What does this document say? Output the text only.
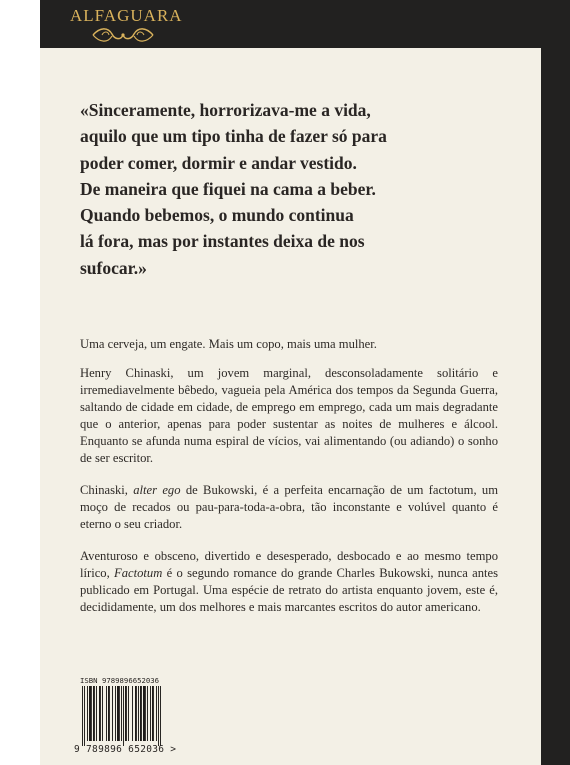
ALFAGUARA

«Sinceramente, horrorizava-me a vida,

aquilo que um tipo tinha de fazer só para

poder comer, dormir e andar vestido.

De maneira que fiquei na cama a beber.

Quando bebemos, o mundo continua

lá fora, mas por instantes deixa de nos

sufocar.»

Uma cerveja, um engate. Mais um copo, mais uma mulher.

Henry Chinaski, um jovem marginal, desconsoladamente solitário e irremediavelmente bêbedo, vagueia pela América dos tempos da Segunda Guerra, saltando de cidade em cidade, de emprego em emprego, cada um mais degradante que o anterior, apenas para poder sustentar as noites de mulheres e álcool. Enquanto se afunda numa espiral de vícios, vai alimentando (ou adiando) o sonho de ser escritor.

Chinaski, alter ego de Bukowski, é a perfeita encarnação de um factotum, um moço de recados ou pau-para-toda-a-obra, tão inconstante e volúvel quanto é eterno o seu criador.

Aventuroso e obsceno, divertido e desesperado, desbocado e ao mesmo tempo lírico, Factotum é o segundo romance do grande Charles Bukowski, nunca antes publicado em Portugal. Uma espécie de retrato do artista enquanto jovem, este é, decididamente, um dos melhores e mais marcantes escritos do autor americano.

ISBN 9789896652036
9 789896 652036 >
